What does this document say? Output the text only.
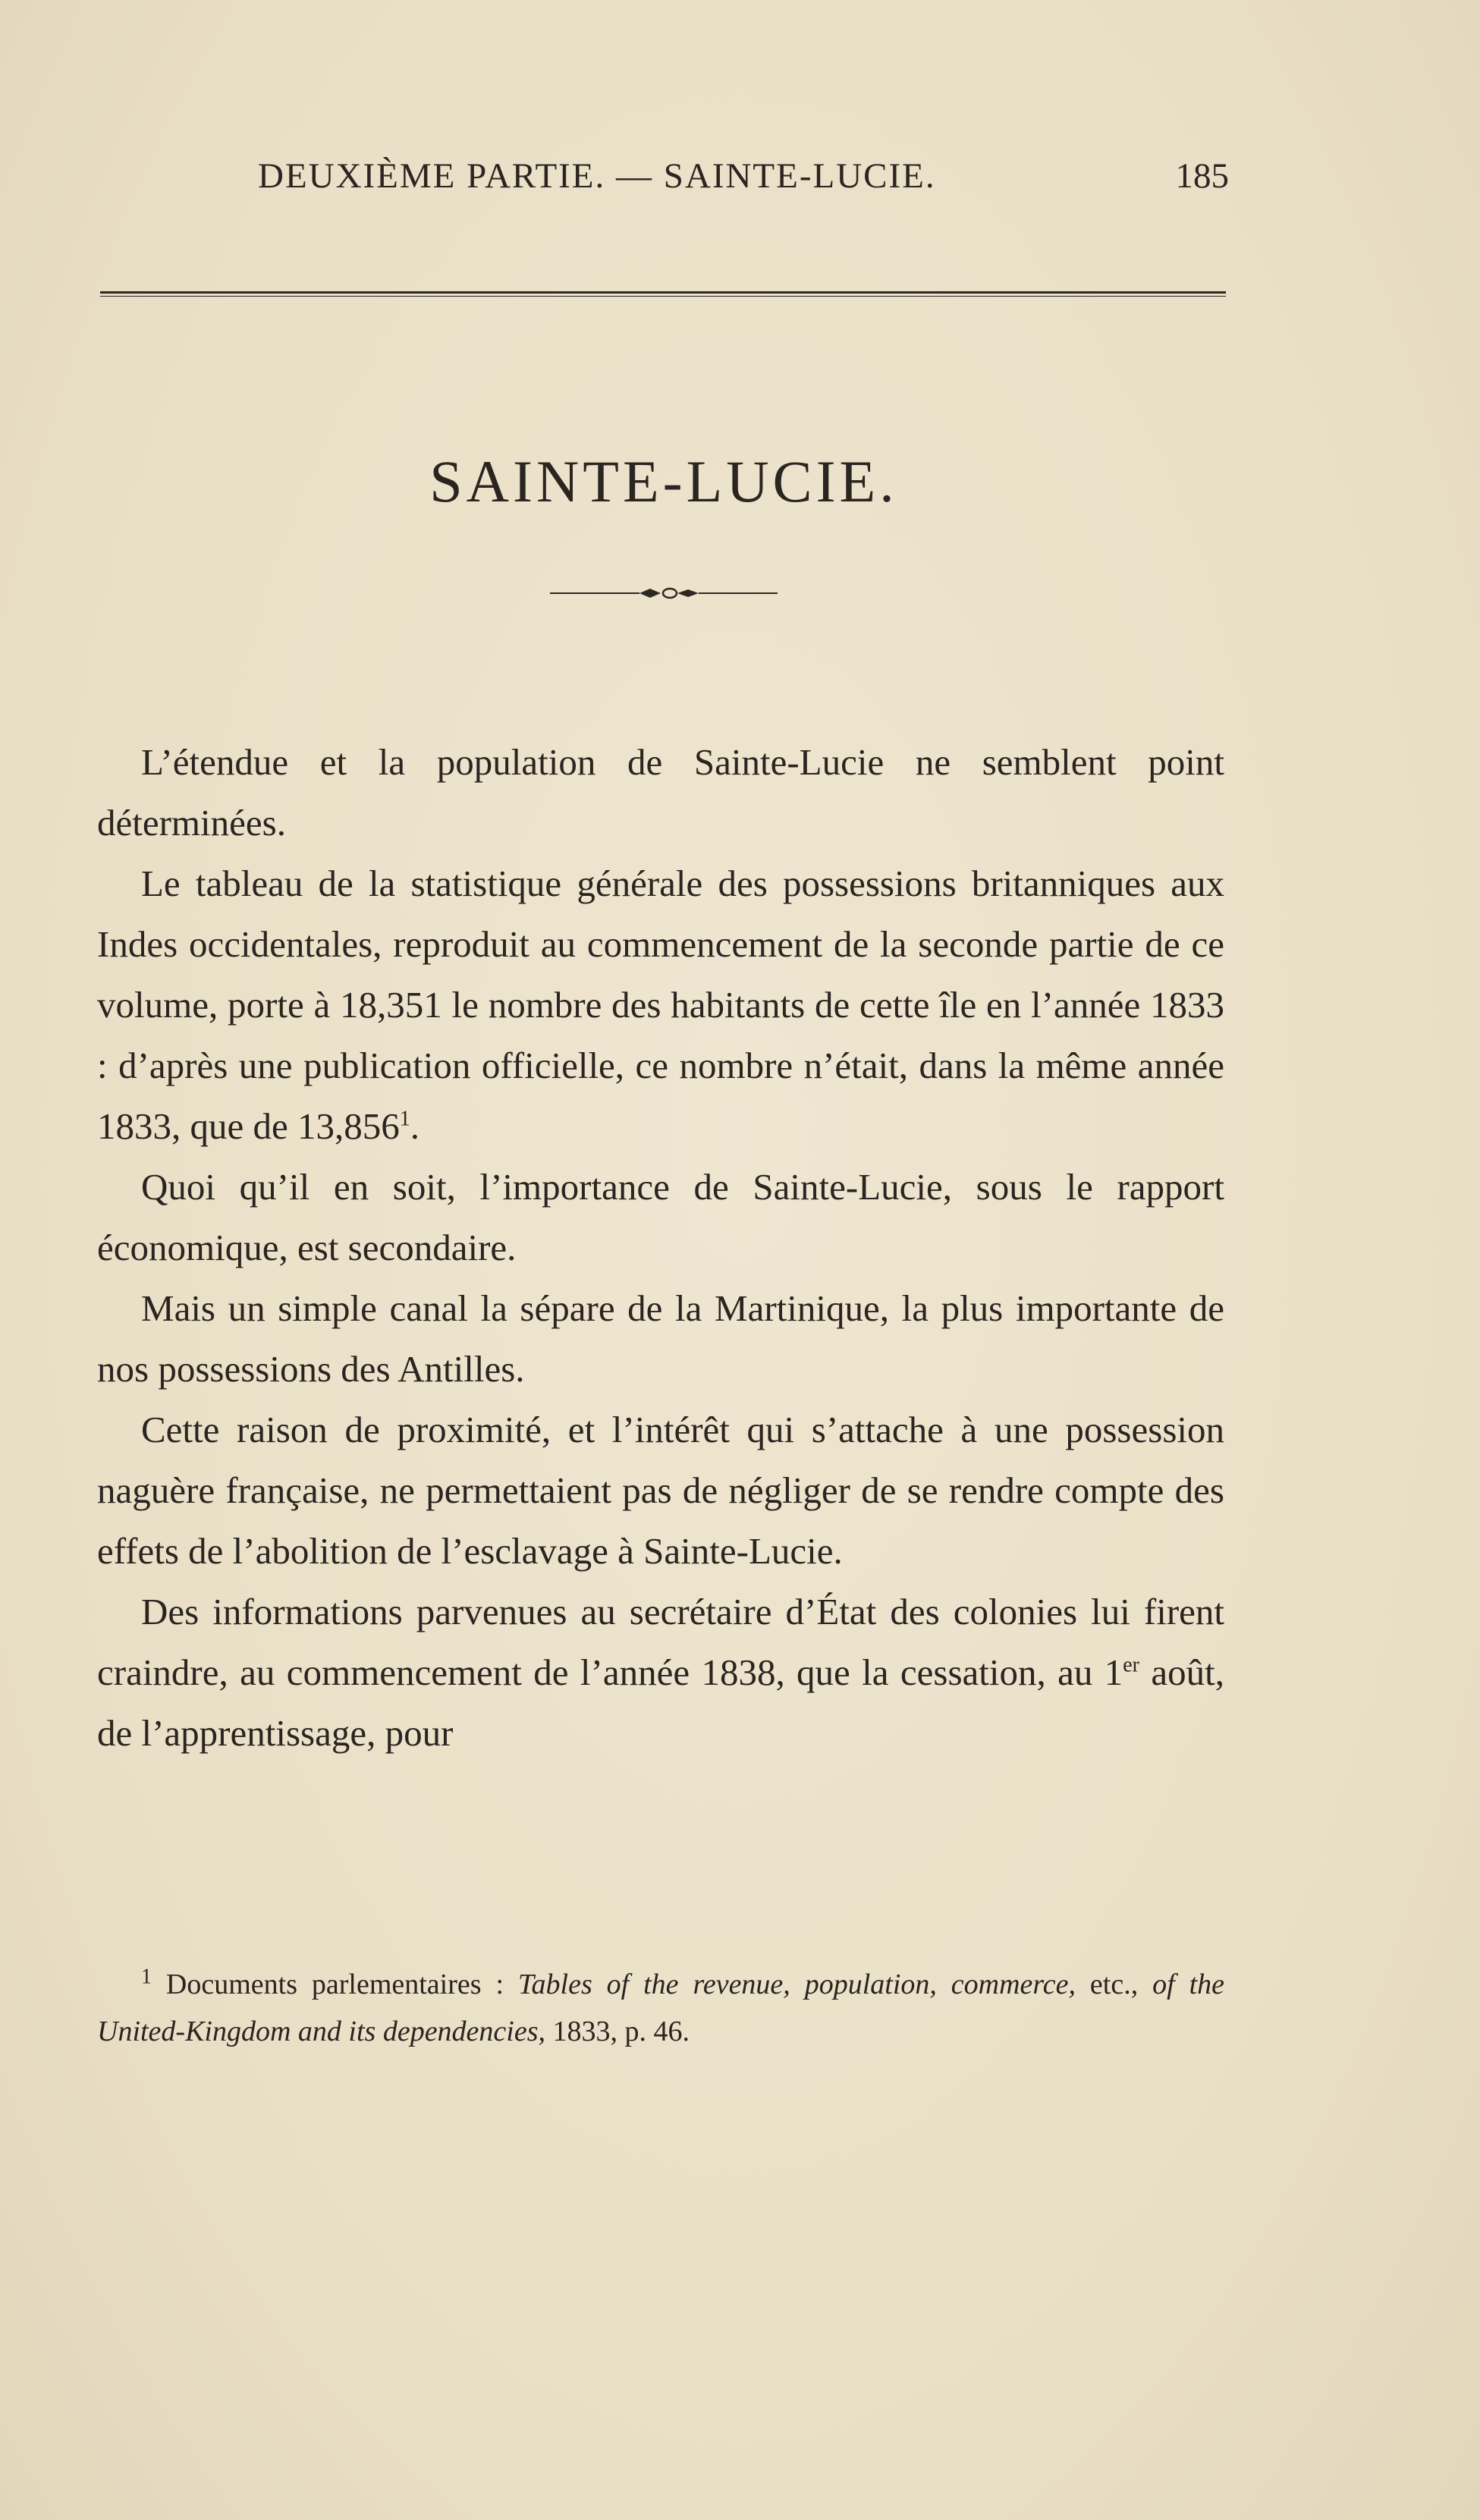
DEUXIÈME PARTIE. — SAINTE-LUCIE.	185
SAINTE-LUCIE.

L’étendue et la population de Sainte-Lucie ne semblent point déterminées.

Le tableau de la statistique générale des possessions britanniques aux Indes occidentales, reproduit au commencement de la seconde partie de ce volume, porte à 18,351 le nombre des habitants de cette île en l’année 1833 : d’après une publication officielle, ce nombre n’était, dans la même année 1833, que de 13,856$^1$.

Quoi qu’il en soit, l’importance de Sainte-Lucie, sous le rapport économique, est secondaire.

Mais un simple canal la sépare de la Martinique, la plus importante de nos possessions des Antilles.

Cette raison de proximité, et l’intérêt qui s’attache à une possession naguère française, ne permettaient pas de négliger de se rendre compte des effets de l’abolition de l’esclavage à Sainte-Lucie.

Des informations parvenues au secrétaire d’État des colonies lui firent craindre, au commencement de l’année 1838, que la cessation, au 1er août, de l’apprentissage, pour

$^1$ Documents parlementaires : Tables of the revenue, population, commerce, etc., of the United-Kingdom and its dependencies, 1833, p. 46.
